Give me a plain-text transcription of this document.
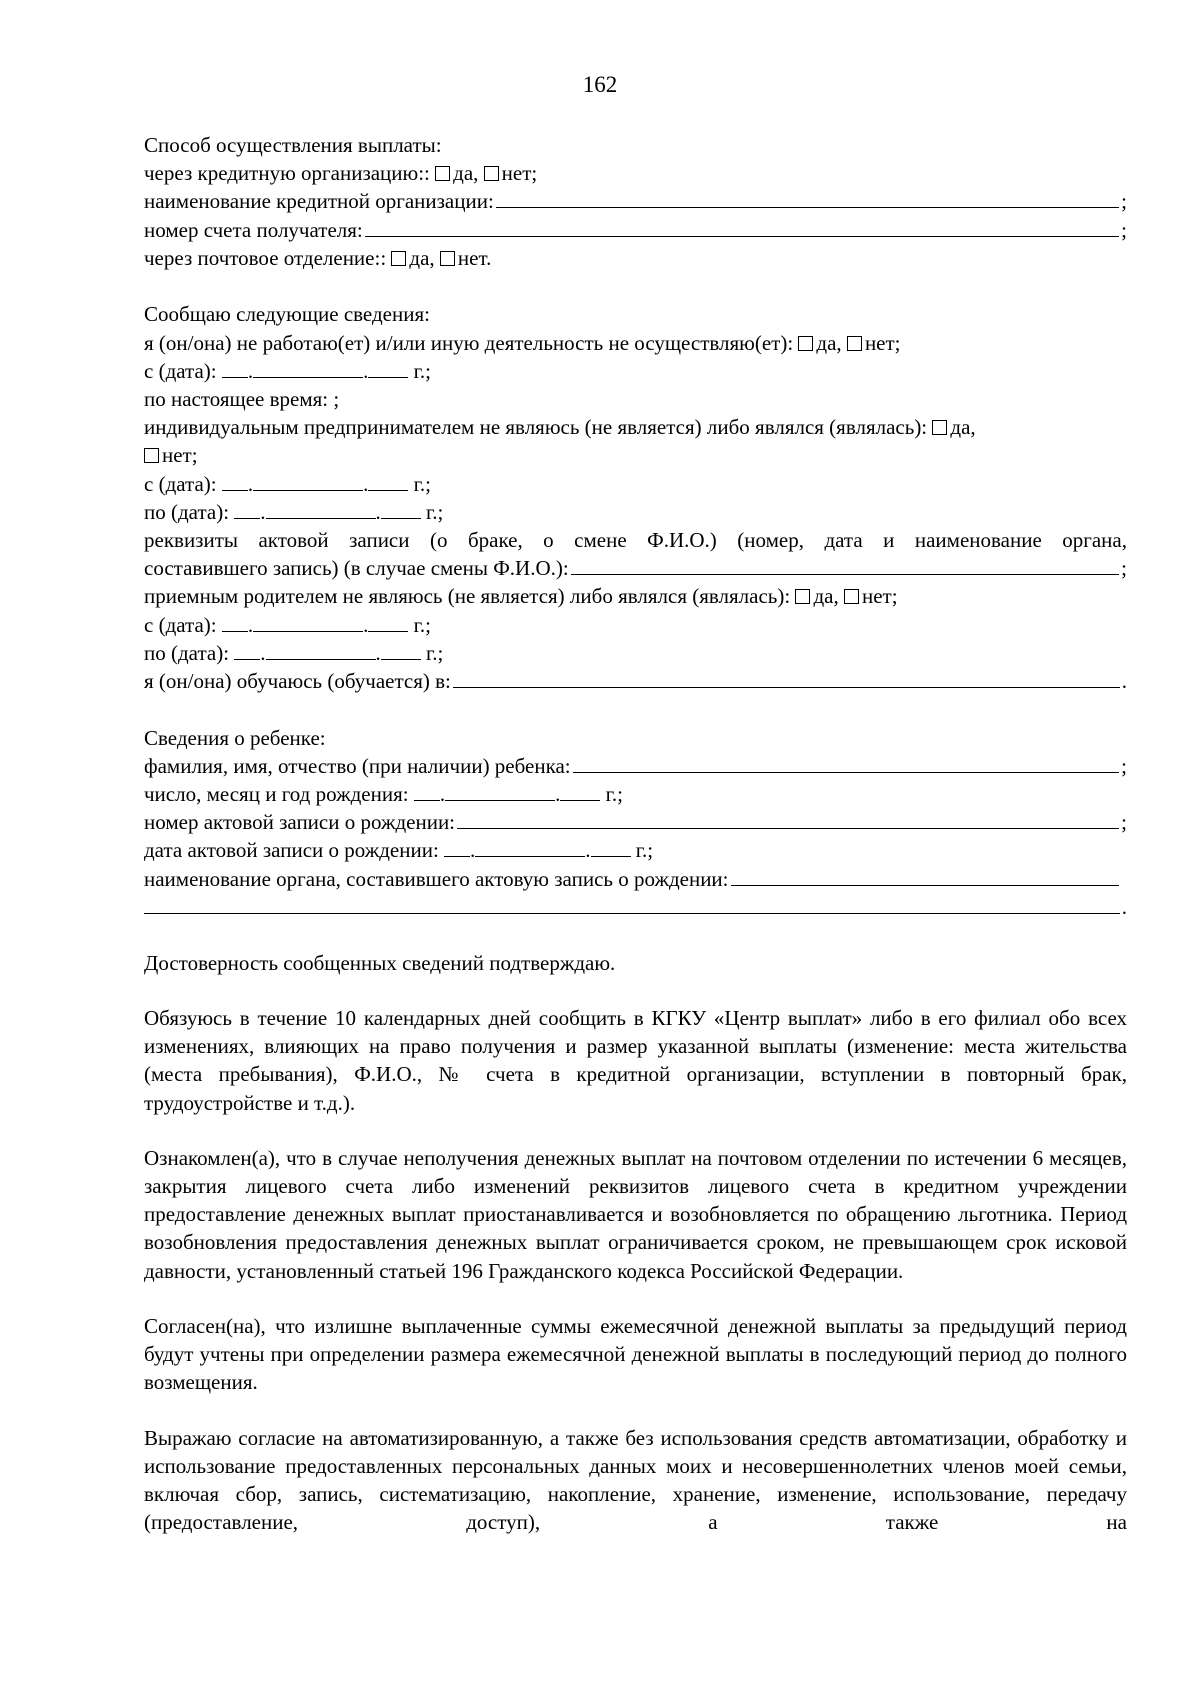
162
Способ осуществления выплаты:
через кредитную организацию:: да, нет;
наименование кредитной организации:	;
номер счета получателя:	;
через почтовое отделение:: да, нет.
Сообщаю следующие сведения:
я (он/она) не работаю(ет) и/или иную деятельность не осуществляю(ет): да, нет;
с (дата): .	. г.;
по настоящее время: ;
индивидуальным предпринимателем не являюсь (не является) либо являлся (являлась): да,
нет;
с (дата): .	. г.;
по (дата): .	. г.;
реквизиты актовой записи (о браке, о смене Ф.И.О.) (номер, дата и наименование органа,
составившего запись) (в случае смены Ф.И.О.):	;
приемным родителем не являюсь (не является) либо являлся (являлась): да, нет;
с (дата): .	. г.;
по (дата): .	. г.;
я (он/она) обучаюсь (обучается) в:	.
Сведения о ребенке:
фамилия, имя, отчество (при наличии) ребенка:	;
число, месяц и год рождения: .	. г.;
номер актовой записи о рождении:	;
дата актовой записи о рождении: .	. г.;
наименование органа, составившего актовую запись о рождении:
.
Достоверность сообщенных сведений подтверждаю.
Обязуюсь в течение 10 календарных дней сообщить в КГКУ «Центр выплат» либо в его филиал обо всех изменениях, влияющих на право получения и размер указанной выплаты (изменение: места жительства (места пребывания), Ф.И.О., № счета в кредитной организации, вступлении в повторный брак, трудоустройстве и т.д.).
Ознакомлен(а), что в случае неполучения денежных выплат на почтовом отделении по истечении 6 месяцев, закрытия лицевого счета либо изменений реквизитов лицевого счета в кредитном учреждении предоставление денежных выплат приостанавливается и возобновляется по обращению льготника. Период возобновления предоставления денежных выплат ограничивается сроком, не превышающем срок исковой давности, установленный статьей 196 Гражданского кодекса Российской Федерации.
Согласен(на), что излишне выплаченные суммы ежемесячной денежной выплаты за предыдущий период будут учтены при определении размера ежемесячной денежной выплаты в последующий период до полного возмещения.
Выражаю согласие на автоматизированную, а также без использования средств автоматизации, обработку и использование предоставленных персональных данных моих и несовершеннолетних членов моей семьи, включая сбор, запись, систематизацию, накопление, хранение, изменение, использование, передачу (предоставление, доступ), а также на
